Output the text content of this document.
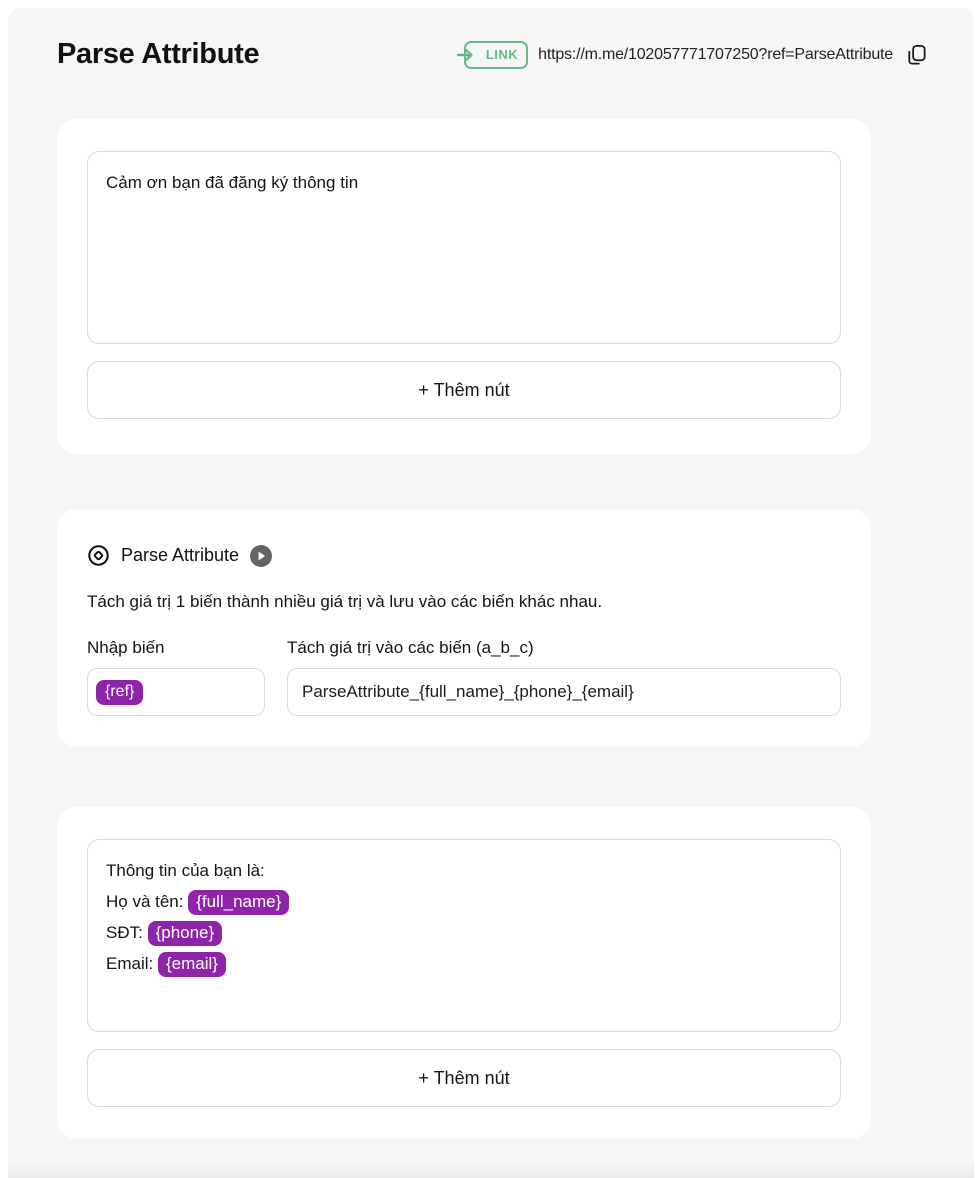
Parse Attribute	LINK https://m.me/102057771707250?ref=ParseAttribute
Cảm ơn bạn đã đăng ký thông tin
+ Thêm nút
Parse Attribute
Tách giá trị 1 biến thành nhiều giá trị và lưu vào các biến khác nhau.
Nhập biến
{ref}
Tách giá trị vào các biến (a_b_c)
ParseAttribute_{full_name}_{phone}_{email}
Thông tin của bạn là:
Họ và tên: {full_name}
SĐT: {phone}
Email: {email}
+ Thêm nút
